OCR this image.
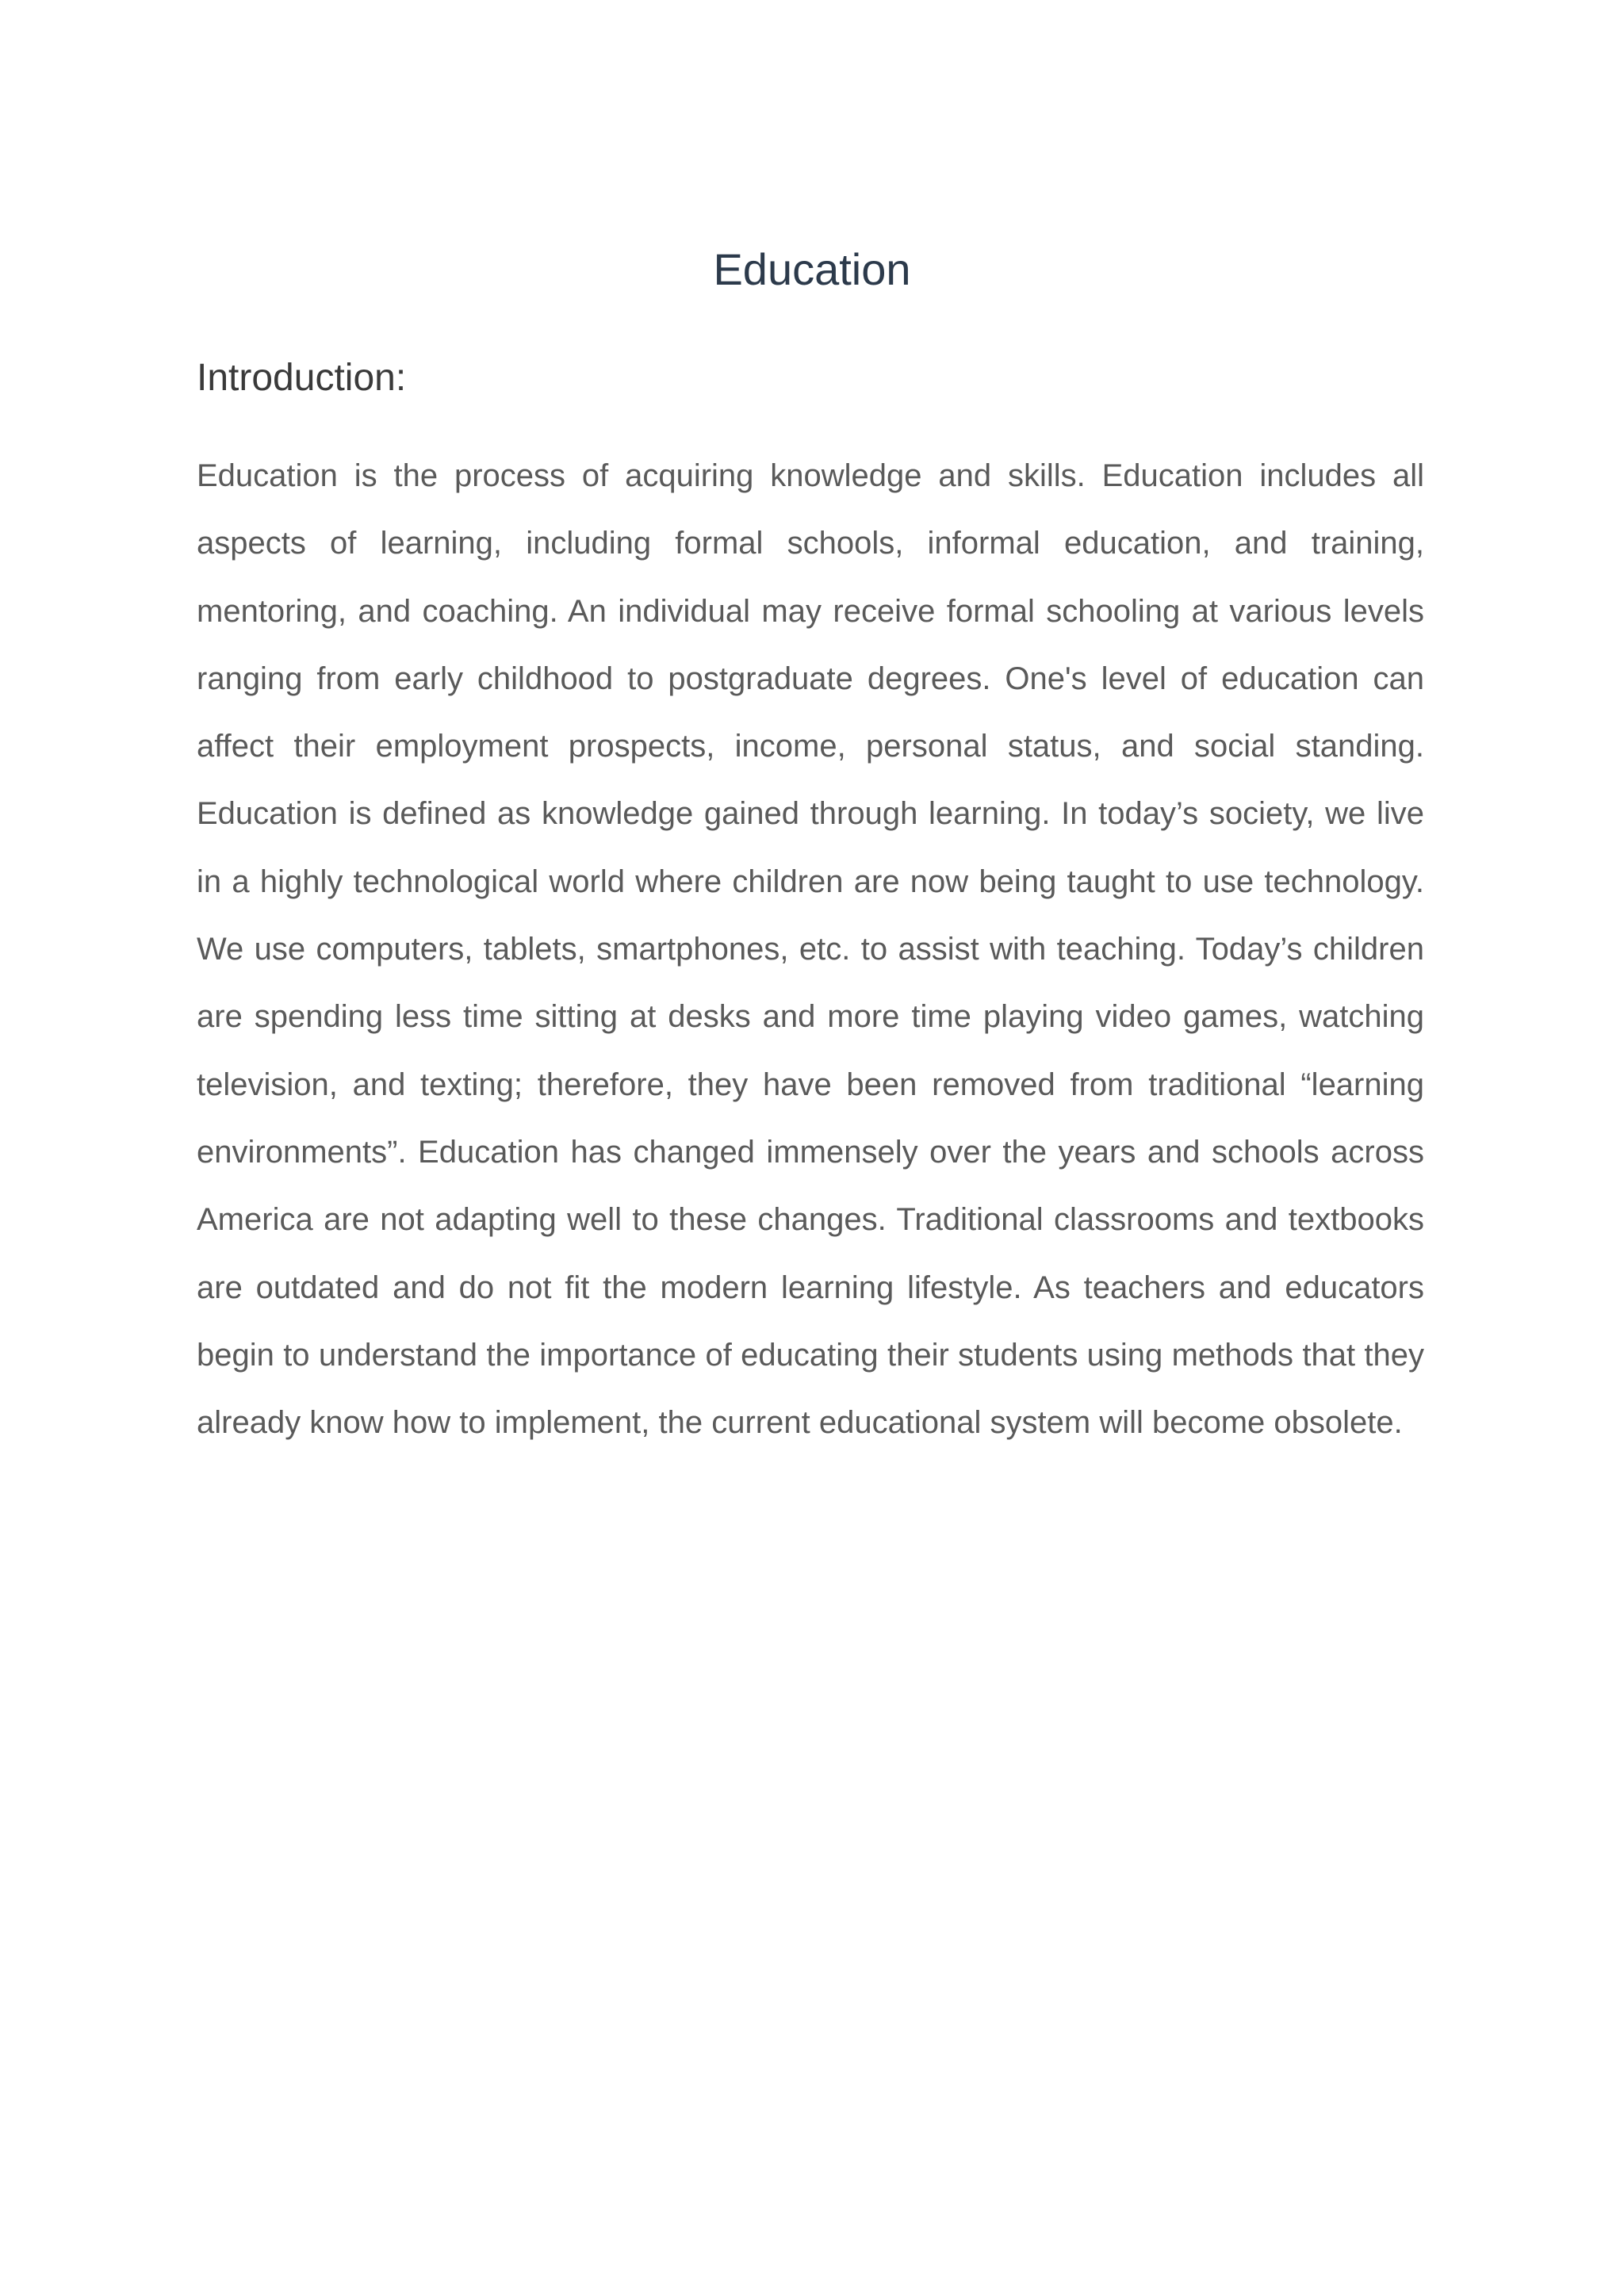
Education
Introduction:

Education is the process of acquiring knowledge and skills. Education includes all aspects of learning, including formal schools, informal education, and training, mentoring, and coaching. An individual may receive formal schooling at various levels ranging from early childhood to postgraduate degrees. One's level of education can affect their employment prospects, income, personal status, and social standing. Education is defined as knowledge gained through learning. In today’s society, we live in a highly technological world where children are now being taught to use technology. We use computers, tablets, smartphones, etc. to assist with teaching. Today’s children are spending less time sitting at desks and more time playing video games, watching television, and texting; therefore, they have been removed from traditional “learning environments”. Education has changed immensely over the years and schools across America are not adapting well to these changes. Traditional classrooms and textbooks are outdated and do not fit the modern learning lifestyle. As teachers and educators begin to understand the importance of educating their students using methods that they already know how to implement, the current educational system will become obsolete.
